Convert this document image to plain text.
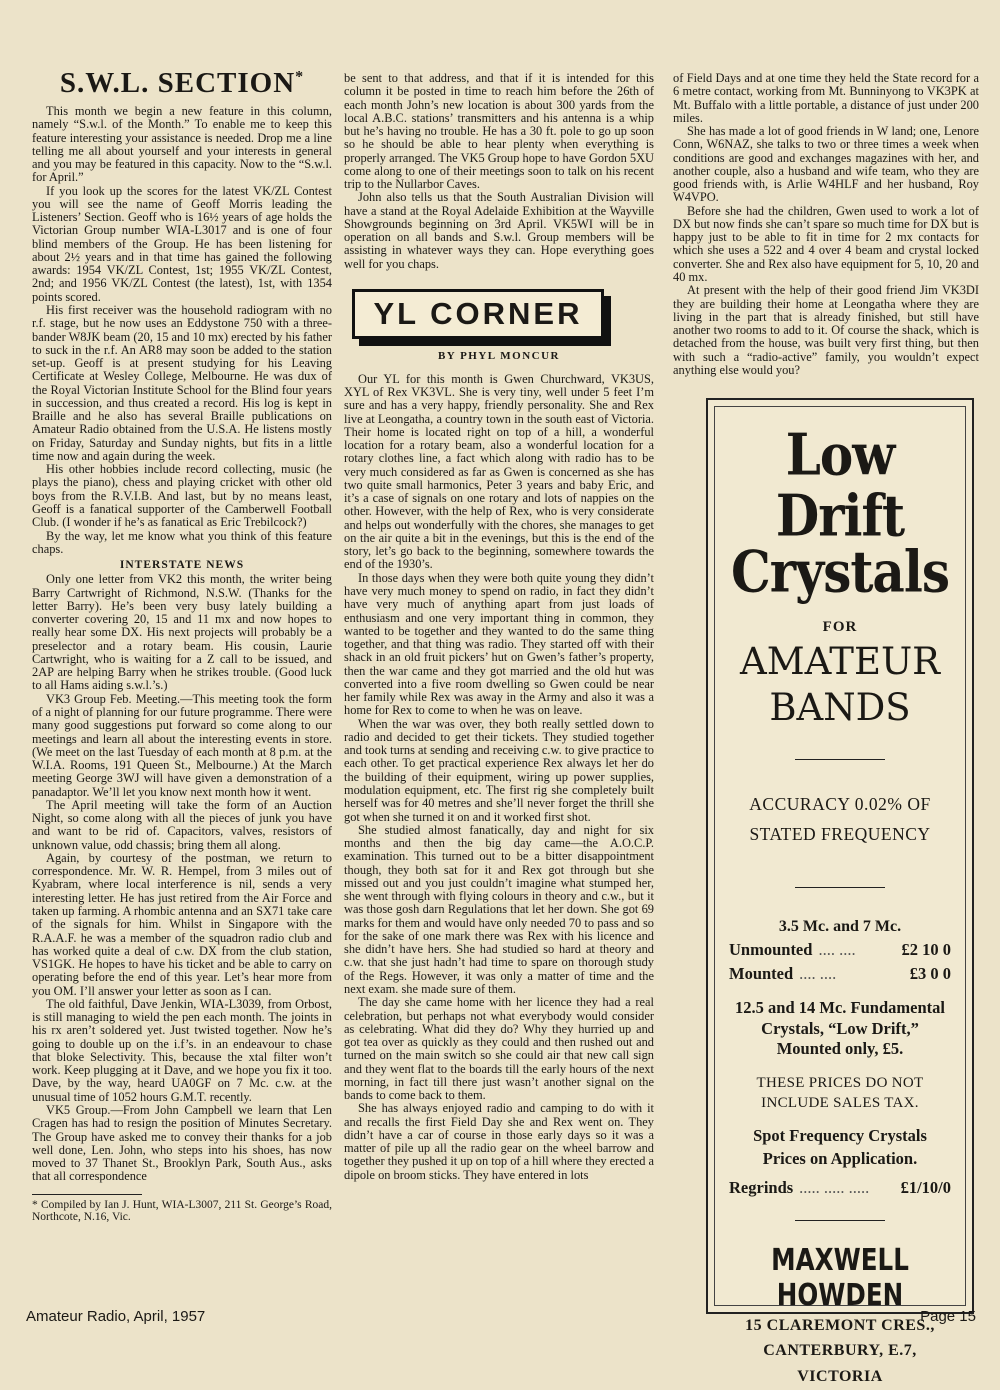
S.W.L. SECTION*

This month we begin a new feature in this column, namely “S.w.l. of the Month.” To enable me to keep this feature interesting your assistance is needed. Drop me a line telling me all about yourself and your interests in general and you may be featured in this capacity. Now to the “S.w.l. for April.”

If you look up the scores for the latest VK/ZL Contest you will see the name of Geoff Morris leading the Listeners’ Section. Geoff who is 16½ years of age holds the Victorian Group number WIA-L3017 and is one of four blind members of the Group. He has been listening for about 2½ years and in that time has gained the following awards: 1954 VK/ZL Contest, 1st; 1955 VK/ZL Contest, 2nd; and 1956 VK/ZL Contest (the latest), 1st, with 1354 points scored.

His first receiver was the household radiogram with no r.f. stage, but he now uses an Eddystone 750 with a three-bander W8JK beam (20, 15 and 10 mx) erected by his father to suck in the r.f. An AR8 may soon be added to the station set-up. Geoff is at present studying for his Leaving Certificate at Wesley College, Melbourne. He was dux of the Royal Victorian Institute School for the Blind four years in succession, and thus created a record. His log is kept in Braille and he also has several Braille publications on Amateur Radio obtained from the U.S.A. He listens mostly on Friday, Saturday and Sunday nights, but fits in a little time now and again during the week.

His other hobbies include record collecting, music (he plays the piano), chess and playing cricket with other old boys from the R.V.I.B. And last, but by no means least, Geoff is a fanatical supporter of the Camberwell Football Club. (I wonder if he’s as fanatical as Eric Trebilcock?)

By the way, let me know what you think of this feature chaps.

INTERSTATE NEWS

Only one letter from VK2 this month, the writer being Barry Cartwright of Richmond, N.S.W. (Thanks for the letter Barry). He’s been very busy lately building a converter covering 20, 15 and 11 mx and now hopes to really hear some DX. His next projects will probably be a preselector and a rotary beam. His cousin, Laurie Cartwright, who is waiting for a Z call to be issued, and 2AP are helping Barry when he strikes trouble. (Good luck to all Hams aiding s.w.l.’s.)

VK3 Group Feb. Meeting.—This meeting took the form of a night of planning for our future programme. There were many good suggestions put forward so come along to our meetings and learn all about the interesting events in store. (We meet on the last Tuesday of each month at 8 p.m. at the W.I.A. Rooms, 191 Queen St., Melbourne.) At the March meeting George 3WJ will have given a demonstration of a panadaptor. We’ll let you know next month how it went.

The April meeting will take the form of an Auction Night, so come along with all the pieces of junk you have and want to be rid of. Capacitors, valves, resistors of unknown value, odd chassis; bring them all along.

Again, by courtesy of the postman, we return to correspondence. Mr. W. R. Hempel, from 3 miles out of Kyabram, where local interference is nil, sends a very interesting letter. He has just retired from the Air Force and taken up farming. A rhombic antenna and an SX71 take care of the signals for him. Whilst in Singapore with the R.A.A.F. he was a member of the squadron radio club and has worked quite a deal of c.w. DX from the club station, VS1GK. He hopes to have his ticket and be able to carry on operating before the end of this year. Let’s hear more from you OM. I’ll answer your letter as soon as I can.

The old faithful, Dave Jenkin, WIA-L3039, from Orbost, is still managing to wield the pen each month. The joints in his rx aren’t soldered yet. Just twisted together. Now he’s going to double up on the i.f’s. in an endeavour to chase that bloke Selectivity. This, because the xtal filter won’t work. Keep plugging at it Dave, and we hope you fix it too. Dave, by the way, heard UA0GF on 7 Mc. c.w. at the unusual time of 1052 hours G.M.T. recently.

VK5 Group.—From John Campbell we learn that Len Cragen has had to resign the position of Minutes Secretary. The Group have asked me to convey their thanks for a job well done, Len. John, who steps into his shoes, has now moved to 37 Thanet St., Brooklyn Park, South Aus., asks that all correspondence

* Compiled by Ian J. Hunt, WIA-L3007, 211 St. George’s Road, Northcote, N.16, Vic.

be sent to that address, and that if it is intended for this column it be posted in time to reach him before the 26th of each month John’s new location is about 300 yards from the local A.B.C. stations’ transmitters and his antenna is a whip but he’s having no trouble. He has a 30 ft. pole to go up soon so he should be able to hear plenty when everything is properly arranged. The VK5 Group hope to have Gordon 5XU come along to one of their meetings soon to talk on his recent trip to the Nullarbor Caves.

John also tells us that the South Australian Division will have a stand at the Royal Adelaide Exhibition at the Wayville Showgrounds beginning on 3rd April. VK5WI will be in operation on all bands and S.w.l. Group members will be assisting in whatever ways they can. Hope everything goes well for you chaps.

YL CORNER
BY PHYL MONCUR

Our YL for this month is Gwen Churchward, VK3US, XYL of Rex VK3VL. She is very tiny, well under 5 feet I’m sure and has a very happy, friendly personality. She and Rex live at Leongatha, a country town in the south east of Victoria. Their home is located right on top of a hill, a wonderful location for a rotary beam, also a wonderful location for a rotary clothes line, a fact which along with radio has to be very much considered as far as Gwen is concerned as she has two quite small harmonics, Peter 3 years and baby Eric, and it’s a case of signals on one rotary and lots of nappies on the other. However, with the help of Rex, who is very considerate and helps out wonderfully with the chores, she manages to get on the air quite a bit in the evenings, but this is the end of the story, let’s go back to the beginning, somewhere towards the end of the 1930’s.

In those days when they were both quite young they didn’t have very much money to spend on radio, in fact they didn’t have very much of anything apart from just loads of enthusiasm and one very important thing in common, they wanted to be together and they wanted to do the same thing together, and that thing was radio. They started off with their shack in an old fruit pickers’ hut on Gwen’s father’s property, then the war came and they got married and the old hut was converted into a five room dwelling so Gwen could be near her family while Rex was away in the Army and also it was a home for Rex to come to when he was on leave.

When the war was over, they both really settled down to radio and decided to get their tickets. They studied together and took turns at sending and receiving c.w. to give practice to each other. To get practical experience Rex always let her do the building of their equipment, wiring up power supplies, modulation equipment, etc. The first rig she completely built herself was for 40 metres and she’ll never forget the thrill she got when she turned it on and it worked first shot.

She studied almost fanatically, day and night for six months and then the big day came—the A.O.C.P. examination. This turned out to be a bitter disappointment though, they both sat for it and Rex got through but she missed out and you just couldn’t imagine what stumped her, she went through with flying colours in theory and c.w., but it was those gosh darn Regulations that let her down. She got 69 marks for them and would have only needed 70 to pass and so for the sake of one mark there was Rex with his licence and she didn’t have hers. She had studied so hard at theory and c.w. that she just hadn’t had time to spare on thorough study of the Regs. However, it was only a matter of time and the next exam. she made sure of them.

The day she came home with her licence they had a real celebration, but perhaps not what everybody would consider as celebrating. What did they do? Why they hurried up and got tea over as quickly as they could and then rushed out and turned on the main switch so she could air that new call sign and they went flat to the boards till the early hours of the next morning, in fact till there just wasn’t another signal on the bands to come back to them.

She has always enjoyed radio and camping to do with it and recalls the first Field Day she and Rex went on. They didn’t have a car of course in those early days so it was a matter of pile up all the radio gear on the wheel barrow and together they pushed it up on top of a hill where they erected a dipole on broom sticks. They have entered in lots

of Field Days and at one time they held the State record for a 6 metre contact, working from Mt. Bunninyong to VK3PK at Mt. Buffalo with a little portable, a distance of just under 200 miles.

She has made a lot of good friends in W land; one, Lenore Conn, W6NAZ, she talks to two or three times a week when conditions are good and exchanges magazines with her, and another couple, also a husband and wife team, who they are good friends with, is Arlie W4HLF and her husband, Roy W4VPO.

Before she had the children, Gwen used to work a lot of DX but now finds she can’t spare so much time for DX but is happy just to be able to fit in time for 2 mx contacts for which she uses a 522 and 4 over 4 beam and crystal locked converter. She and Rex also have equipment for 5, 10, 20 and 40 mx.

At present with the help of their good friend Jim VK3DI they are building their home at Leongatha where they are living in the part that is already finished, but still have another two rooms to add to it. Of course the shack, which is detached from the house, was built very first thing, but then with such a “radio-active” family, you wouldn’t expect anything else would you?

Low Drift
Crystals
FOR
AMATEUR
BANDS
ACCURACY 0.02% OF
STATED FREQUENCY
3.5 Mc. and 7 Mc.
Unmounted .... ....	£2 10 0
Mounted .... ....	£3 0 0
12.5 and 14 Mc. Fundamental
Crystals, “Low Drift,”
Mounted only, £5.
THESE PRICES DO NOT
INCLUDE SALES TAX.
Spot Frequency Crystals
Prices on Application.
Regrinds ..... ..... .....	£1/10/0
MAXWELL HOWDEN
15 CLAREMONT CRES.,
CANTERBURY, E.7,
VICTORIA
Amateur Radio, April, 1957	Page 15
